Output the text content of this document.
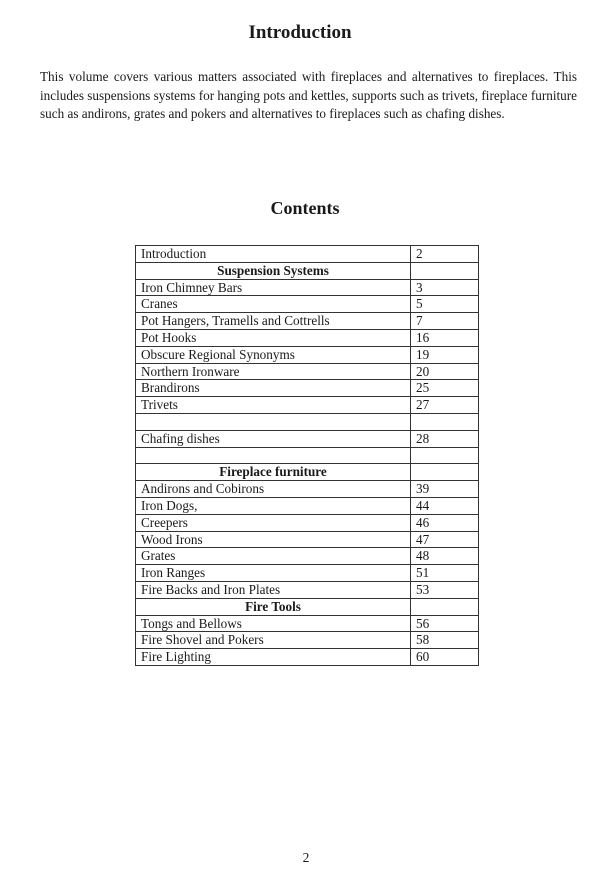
Introduction
This volume covers various matters associated with fireplaces and alternatives to fireplaces. This includes suspensions systems for hanging pots and kettles, supports such as trivets, fireplace furniture such as andirons, grates and pokers and alternatives to fireplaces such as chafing dishes.
Contents
Introduction	2
Suspension Systems	
Iron Chimney Bars	3
Cranes	5
Pot Hangers, Tramells and Cottrells	7
Pot Hooks	16
Obscure Regional Synonyms	19
Northern Ironware	20
Brandirons	25
Trivets	27

Chafing dishes	28

Fireplace furniture	
Andirons and Cobirons	39
Iron Dogs,	44
Creepers	46
Wood Irons	47
Grates	48
Iron Ranges	51
Fire Backs and Iron Plates	53
Fire Tools	
Tongs and Bellows	56
Fire Shovel and Pokers	58
Fire Lighting	60
2
